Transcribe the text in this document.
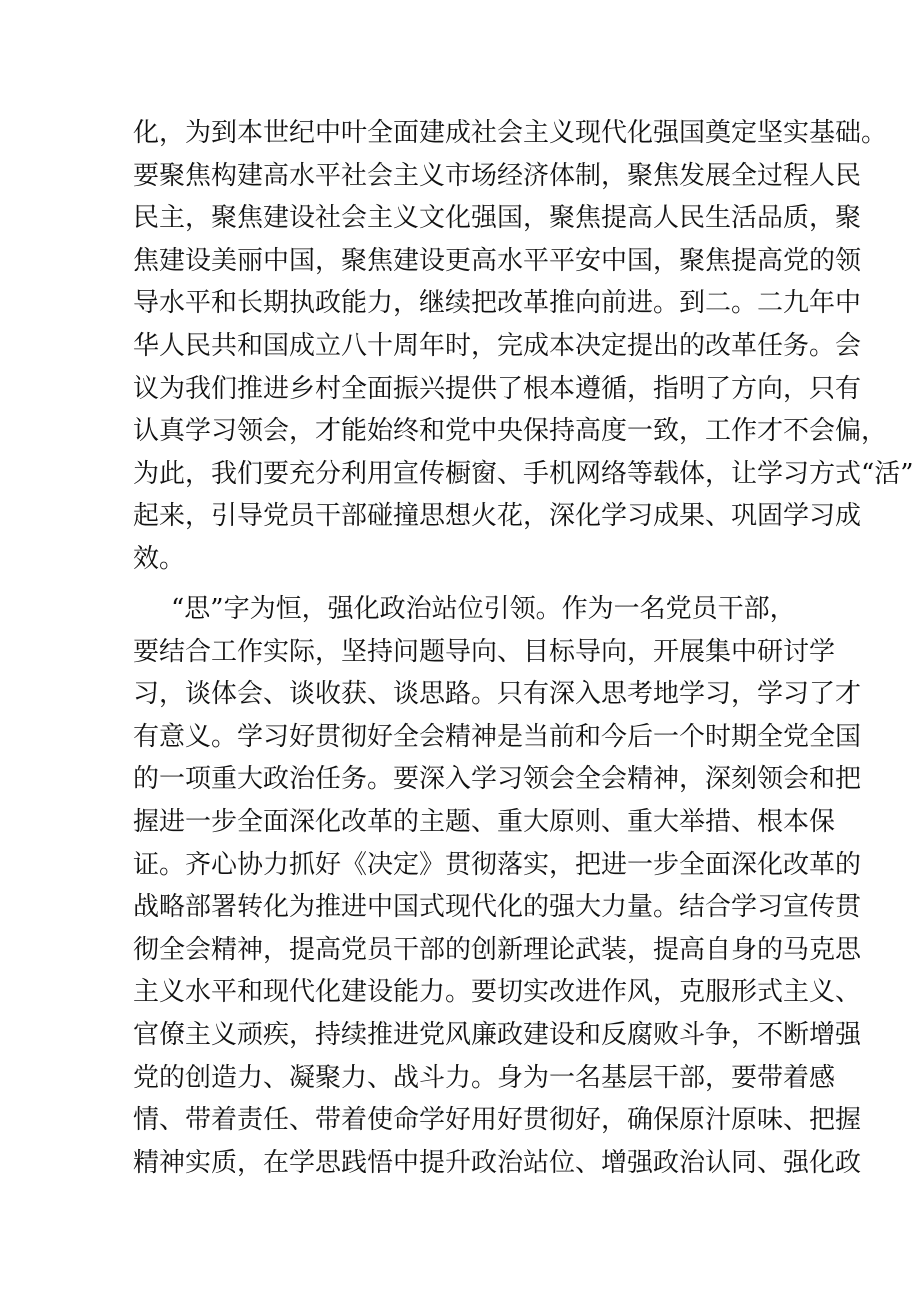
化，为到本世纪中叶全面建成社会主义现代化强国奠定坚实基础。
要聚焦构建高水平社会主义市场经济体制，聚焦发展全过程人民
民主，聚焦建设社会主义文化强国，聚焦提高人民生活品质，聚
焦建设美丽中国，聚焦建设更高水平平安中国，聚焦提高党的领
导水平和长期执政能力，继续把改革推向前进。到二。二九年中
华人民共和国成立八十周年时，完成本决定提出的改革任务。会
议为我们推进乡村全面振兴提供了根本遵循，指明了方向，只有
认真学习领会，才能始终和党中央保持高度一致，工作才不会偏，
为此，我们要充分利用宣传橱窗、手机网络等载体，让学习方式“活”
起来，引导党员干部碰撞思想火花，深化学习成果、巩固学习成
效。
“思”字为恒，强化政治站位引领。作为一名党员干部，
要结合工作实际，坚持问题导向、目标导向，开展集中研讨学
习，谈体会、谈收获、谈思路。只有深入思考地学习，学习了才
有意义。学习好贯彻好全会精神是当前和今后一个时期全党全国
的一项重大政治任务。要深入学习领会全会精神，深刻领会和把
握进一步全面深化改革的主题、重大原则、重大举措、根本保
证。齐心协力抓好《决定》贯彻落实，把进一步全面深化改革的
战略部署转化为推进中国式现代化的强大力量。结合学习宣传贯
彻全会精神，提高党员干部的创新理论武装，提高自身的马克思
主义水平和现代化建设能力。要切实改进作风，克服形式主义、
官僚主义顽疾，持续推进党风廉政建设和反腐败斗争，不断增强
党的创造力、凝聚力、战斗力。身为一名基层干部，要带着感
情、带着责任、带着使命学好用好贯彻好，确保原汁原味、把握
精神实质，在学思践悟中提升政治站位、增强政治认同、强化政
